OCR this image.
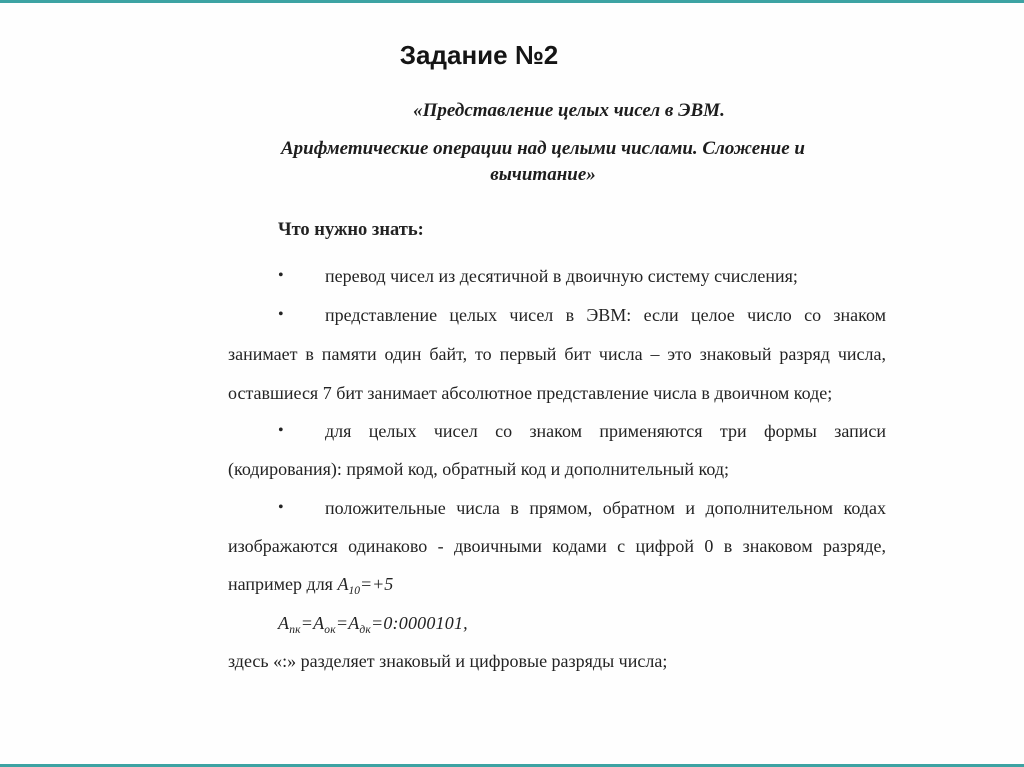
Задание №2
«Представление целых чисел в ЭВМ.
Арифметические операции над целыми числами. Сложение и вычитание»
Что нужно знать:
•	перевод чисел из десятичной в двоичную систему счисления;
•	представление целых чисел в ЭВМ: если целое число со знаком
занимает в памяти один байт, то первый бит числа – это знаковый разряд числа,
оставшиеся 7 бит занимает абсолютное представление числа в двоичном коде;
•	для целых чисел со знаком применяются три формы записи
(кодирования): прямой код, обратный код и дополнительный код;
•	положительные числа в прямом, обратном и дополнительном кодах
изображаются одинаково - двоичными кодами с цифрой 0 в знаковом разряде,
например для $A_{10}=+5$
$A_{пк}=A_{ок}=A_{дк}=0:0000101$,
здесь «:» разделяет знаковый и цифровые разряды числа;
